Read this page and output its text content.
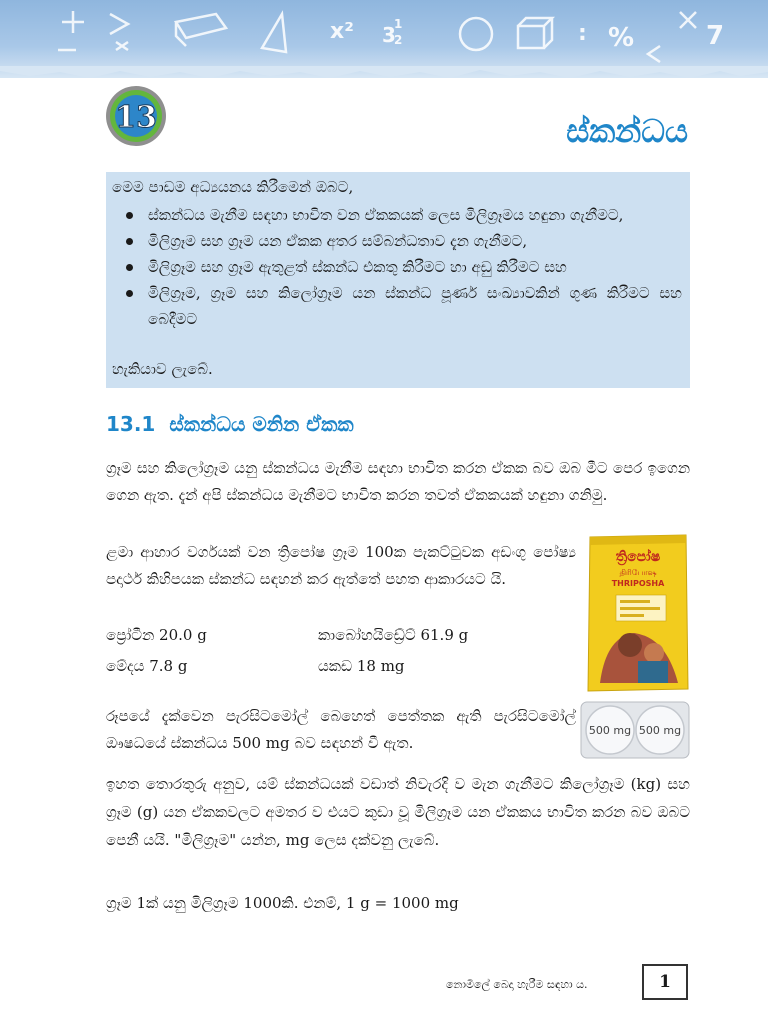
x² 3
1
2	: %	7
13	ස්කන්ධය
මෙම පාඩම අධ්‍යයනය කිරීමෙන් ඔබට,
ස්කන්ධය මැනීම සඳහා භාවිත වන ඒකකයක් ලෙස මිලිග්‍රෑමය හඳුනා ගැනීමට,
මිලිග්‍රෑම සහ ග්‍රෑම යන ඒකක අතර සම්බන්ධතාව දැන ගැනීමට,
මිලිග්‍රෑම සහ ග්‍රෑම ඇතුළත් ස්කන්ධ එකතු කිරීමට හා අඩු කිරීමට සහ
මිලිග්‍රෑම, ග්‍රෑම සහ කිලෝග්‍රෑම යන ස්කන්ධ පූර්ණ සංඛ්‍යාවකින් ගුණ කිරීමට සහ බෙදීමට
හැකියාව ලැබේ.
13.1 ස්කන්ධය මනින ඒකක
ග්‍රෑම සහ කිලෝග්‍රෑම යනු ස්කන්ධය මැනීම සඳහා භාවිත කරන ඒකක බව ඔබ මීට පෙර ඉගෙන ගෙන ඇත. දැන් අපි ස්කන්ධය මැනීමට භාවිත කරන තවත් ඒකකයක් හඳුනා ගනිමු.
ළමා ආහාර වර්ගයක් වන ත්‍රිපෝෂ ග්‍රෑම 100ක පැකට්ටුවක අඩංගු පෝෂ්‍ය පදාර්ථ කිහිපයක ස්කන්ධ සඳහන් කර ඇත්තේ පහත ආකාරයට යි.
ප්‍රෝටීන 20.0 g	කාබෝහයිඩ්‍රේට් 61.9 g
මේදය 7.8 g	යකඩ 18 mg
ත්‍රිපෝෂ
திரிபோஷ
THRIPOSHA
රූපයේ දැක්වෙන පැරසිටමෝල් බෙහෙත් පෙත්තක ඇති පැරසිටමෝල් ඖෂධයේ ස්කන්ධය 500 mg බව සඳහන් වී ඇත.
500 mg 500 mg
ඉහත තොරතුරු අනුව, යම් ස්කන්ධයක් වඩාත් නිවැරදි ව මැන ගැනීමට කිලෝග්‍රෑම (kg) සහ ග්‍රෑම (g) යන ඒකකවලට අමතර ව එයට කුඩා වූ මිලිග්‍රෑම යන ඒකකය භාවිත කරන බව ඔබට පෙනී යයි. "මිලිග්‍රෑම" යන්න, mg ලෙස දක්වනු ලැබේ.
ග්‍රෑම 1ක් යනු මිලිග්‍රෑම 1000කි. එනම්, 1 g = 1000 mg
නොමිලේ බෙදා හැරීම සඳහා ය.	1
